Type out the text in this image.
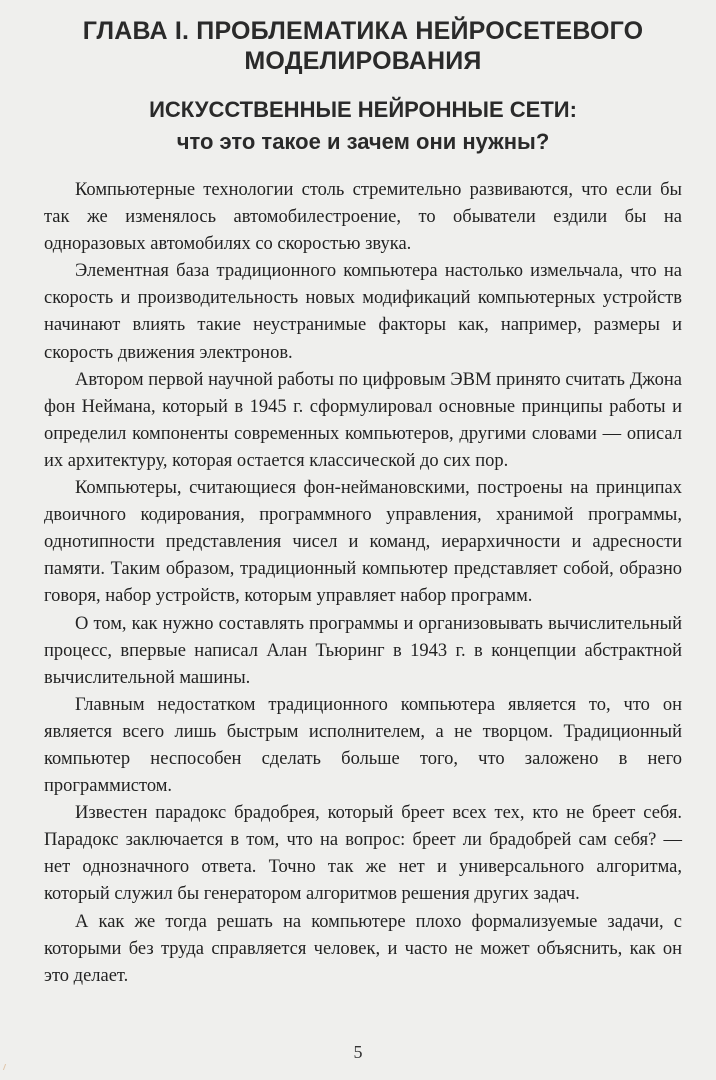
ГЛАВА I. ПРОБЛЕМАТИКА НЕЙРОСЕТЕВОГО
МОДЕЛИРОВАНИЯ
ИСКУССТВЕННЫЕ НЕЙРОННЫЕ СЕТИ:
что это такое и зачем они нужны?

Компьютерные технологии столь стремительно развиваются, что если бы так же изменялось автомобилестроение, то обыватели ездили бы на одноразовых автомобилях со скоростью звука.

Элементная база традиционного компьютера настолько измельчала, что на скорость и производительность новых модификаций компьютерных устройств начинают влиять такие неустранимые факторы как, например, размеры и скорость движения электронов.

Автором первой научной работы по цифровым ЭВМ принято считать Джона фон Неймана, который в 1945 г. сформулировал основные принципы работы и определил компоненты современных компьютеров, другими словами — описал их архитектуру, которая остается классической до сих пор.

Компьютеры, считающиеся фон-неймановскими, построены на принципах двоичного кодирования, программного управления, хранимой программы, однотипности представления чисел и команд, иерархичности и адресности памяти. Таким образом, традиционный компьютер представляет собой, образно говоря, набор устройств, которым управляет набор программ.

О том, как нужно составлять программы и организовывать вычислительный процесс, впервые написал Алан Тьюринг в 1943 г. в концепции абстрактной вычислительной машины.

Главным недостатком традиционного компьютера является то, что он является всего лишь быстрым исполнителем, а не творцом. Традиционный компьютер неспособен сделать больше того, что заложено в него программистом.

Известен парадокс брадобрея, который бреет всех тех, кто не бреет себя. Парадокс заключается в том, что на вопрос: бреет ли брадобрей сам себя? — нет однозначного ответа. Точно так же нет и универсального алгоритма, который служил бы генератором алгоритмов решения других задач.

А как же тогда решать на компьютере плохо формализуемые задачи, с которыми без труда справляется человек, и часто не может объяснить, как он это делает.

5
